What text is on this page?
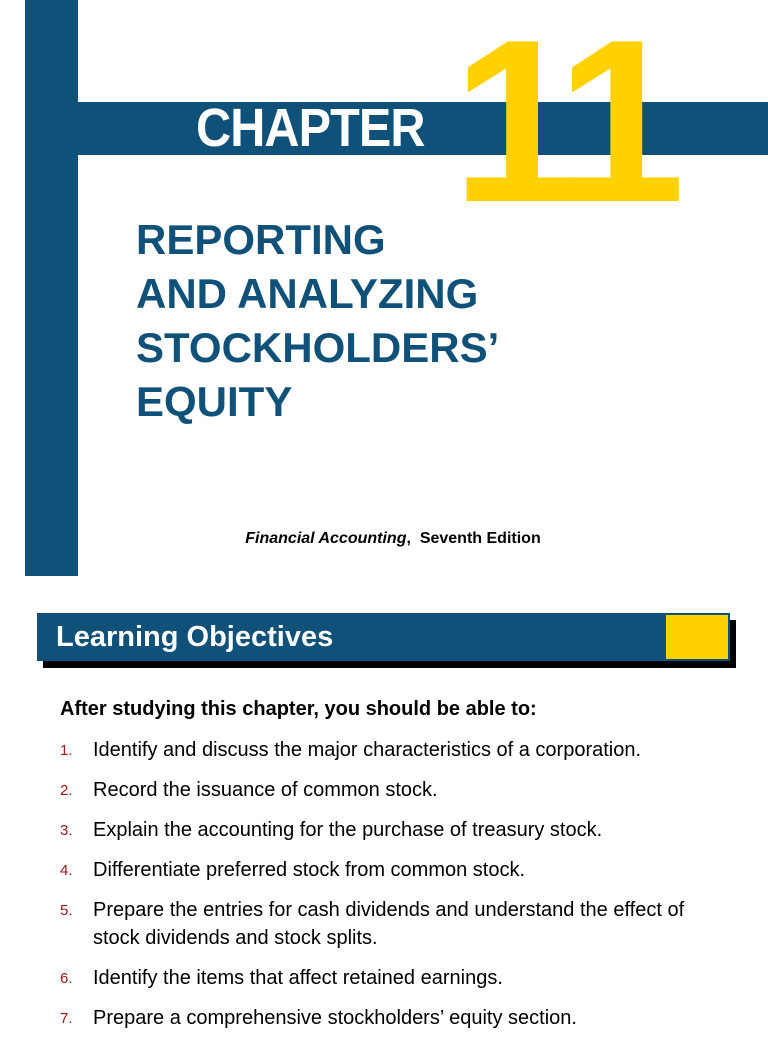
CHAPTER 11
REPORTING
AND ANALYZING
STOCKHOLDERS’
EQUITY
Financial Accounting,  Seventh Edition
Learning Objectives
After studying this chapter, you should be able to:
1. Identify and discuss the major characteristics of a corporation.
2. Record the issuance of common stock.
3. Explain the accounting for the purchase of treasury stock.
4. Differentiate preferred stock from common stock.
5. Prepare the entries for cash dividends and understand the effect of stock dividends and stock splits.
6. Identify the items that affect retained earnings.
7. Prepare a comprehensive stockholders’ equity section.
